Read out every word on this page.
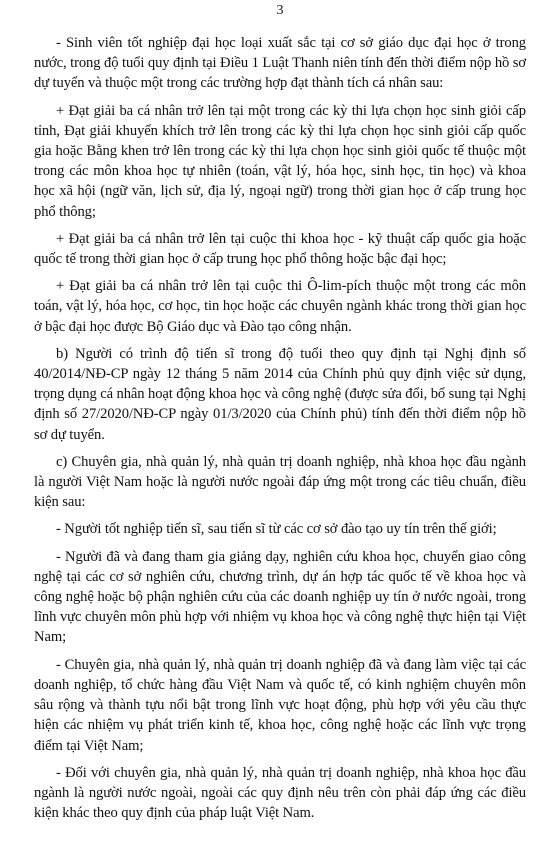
3

- Sinh viên tốt nghiệp đại học loại xuất sắc tại cơ sở giáo dục đại học ở trong nước, trong độ tuổi quy định tại Điều 1 Luật Thanh niên tính đến thời điểm nộp hồ sơ dự tuyển và thuộc một trong các trường hợp đạt thành tích cá nhân sau:

+ Đạt giải ba cá nhân trở lên tại một trong các kỳ thi lựa chọn học sinh giỏi cấp tỉnh, Đạt giải khuyến khích trở lên trong các kỳ thi lựa chọn học sinh giỏi cấp quốc gia hoặc Bằng khen trở lên trong các kỳ thi lựa chọn học sinh giỏi quốc tế thuộc một trong các môn khoa học tự nhiên (toán, vật lý, hóa học, sinh học, tin học) và khoa học xã hội (ngữ văn, lịch sử, địa lý, ngoại ngữ) trong thời gian học ở cấp trung học phổ thông;

+ Đạt giải ba cá nhân trở lên tại cuộc thi khoa học - kỹ thuật cấp quốc gia hoặc quốc tế trong thời gian học ở cấp trung học phổ thông hoặc bậc đại học;

+ Đạt giải ba cá nhân trở lên tại cuộc thi Ô-lim-pích thuộc một trong các môn toán, vật lý, hóa học, cơ học, tin học hoặc các chuyên ngành khác trong thời gian học ở bậc đại học được Bộ Giáo dục và Đào tạo công nhận.

b) Người có trình độ tiến sĩ trong độ tuổi theo quy định tại Nghị định số 40/2014/NĐ-CP ngày 12 tháng 5 năm 2014 của Chính phủ quy định việc sử dụng, trọng dụng cá nhân hoạt động khoa học và công nghệ (được sửa đổi, bổ sung tại Nghị định số 27/2020/NĐ-CP ngày 01/3/2020 của Chính phủ) tính đến thời điểm nộp hồ sơ dự tuyển.

c) Chuyên gia, nhà quản lý, nhà quản trị doanh nghiệp, nhà khoa học đầu ngành là người Việt Nam hoặc là người nước ngoài đáp ứng một trong các tiêu chuẩn, điều kiện sau:

- Người tốt nghiệp tiến sĩ, sau tiến sĩ từ các cơ sở đào tạo uy tín trên thế giới;

- Người đã và đang tham gia giảng dạy, nghiên cứu khoa học, chuyển giao công nghệ tại các cơ sở nghiên cứu, chương trình, dự án hợp tác quốc tế về khoa học và công nghệ hoặc bộ phận nghiên cứu của các doanh nghiệp uy tín ở nước ngoài, trong lĩnh vực chuyên môn phù hợp với nhiệm vụ khoa học và công nghệ thực hiện tại Việt Nam;

- Chuyên gia, nhà quản lý, nhà quản trị doanh nghiệp đã và đang làm việc tại các doanh nghiệp, tổ chức hàng đầu Việt Nam và quốc tế, có kinh nghiệm chuyên môn sâu rộng và thành tựu nổi bật trong lĩnh vực hoạt động, phù hợp với yêu cầu thực hiện các nhiệm vụ phát triển kinh tế, khoa học, công nghệ hoặc các lĩnh vực trọng điểm tại Việt Nam;

- Đối với chuyên gia, nhà quản lý, nhà quản trị doanh nghiệp, nhà khoa học đầu ngành là người nước ngoài, ngoài các quy định nêu trên còn phải đáp ứng các điều kiện khác theo quy định của pháp luật Việt Nam.
